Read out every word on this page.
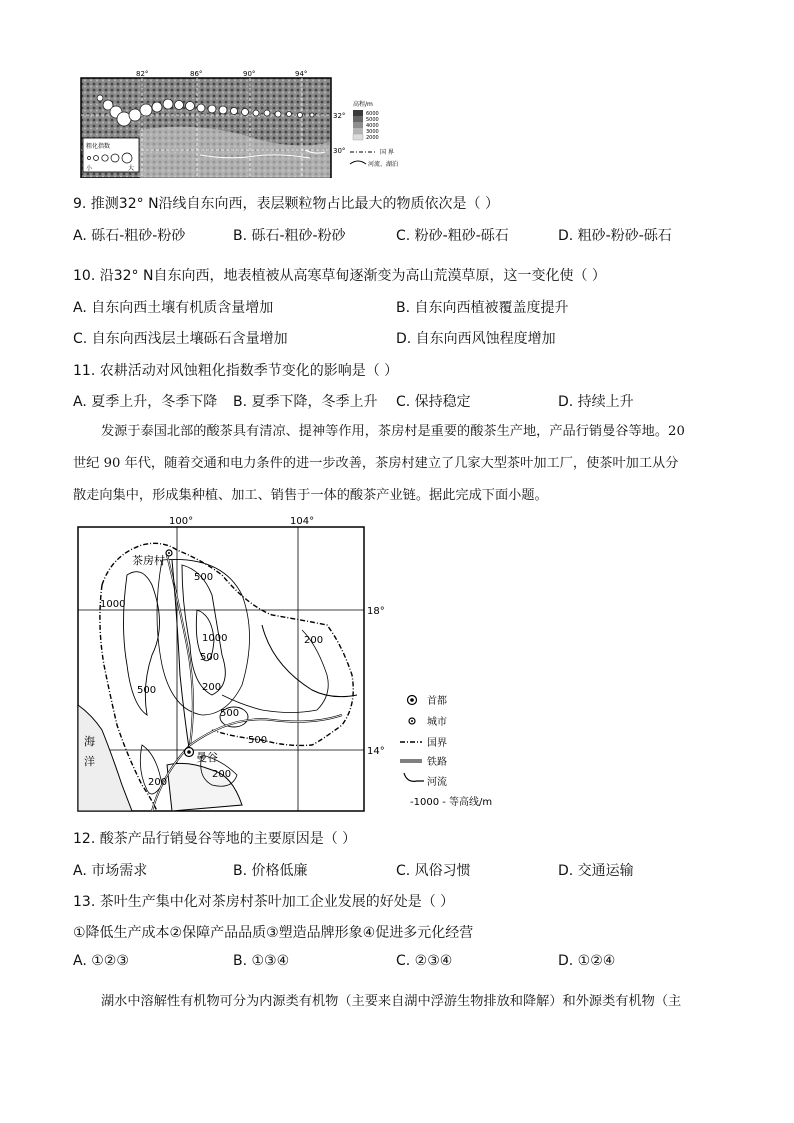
82°	86°	90°	94°
32°
30°
粗化指数
小	大
高程/m
6000
5000
4000
3000
2000
国 界
河流、湖泊
9. 推测32° N沿线自东向西，表层颗粒物占比最大的物质依次是（ ）
A. 砾石-粗砂-粉砂	B. 砾石-粗砂-粉砂	C. 粉砂-粗砂-砾石	D. 粗砂-粉砂-砾石
10. 沿32° N自东向西，地表植被从高寒草甸逐渐变为高山荒漠草原，这一变化使（ ）
A. 自东向西土壤有机质含量增加	B. 自东向西植被覆盖度提升
C. 自东向西浅层土壤砾石含量增加	D. 自东向西风蚀程度增加
11. 农耕活动对风蚀粗化指数季节变化的影响是（ ）
A. 夏季上升，冬季下降 B. 夏季下降，冬季上升 C. 保持稳定	D. 持续上升

发源于泰国北部的酸茶具有清凉、提神等作用，茶房村是重要的酸茶生产地，产品行销曼谷等地。20

世纪 90 年代，随着交通和电力条件的进一步改善，茶房村建立了几家大型茶叶加工厂，使茶叶加工从分

散走向集中，形成集种植、加工、销售于一体的酸茶产业链。据此完成下面小题。

100°	104°
18°
14°
茶房村
曼谷
海
洋
500
1000
1000
500
200
500	200
500
500
200
200
首都
城市
国界
铁路
河流
-1000 - 等高线/m
12. 酸茶产品行销曼谷等地的主要原因是（ ）
A. 市场需求	B. 价格低廉	C. 风俗习惯	D. 交通运输
13. 茶叶生产集中化对茶房村茶叶加工企业发展的好处是（ ）
①降低生产成本②保障产品品质③塑造品牌形象④促进多元化经营
A. ①②③	B. ①③④	C. ②③④	D. ①②④

湖水中溶解性有机物可分为内源类有机物（主要来自湖中浮游生物排放和降解）和外源类有机物（主
